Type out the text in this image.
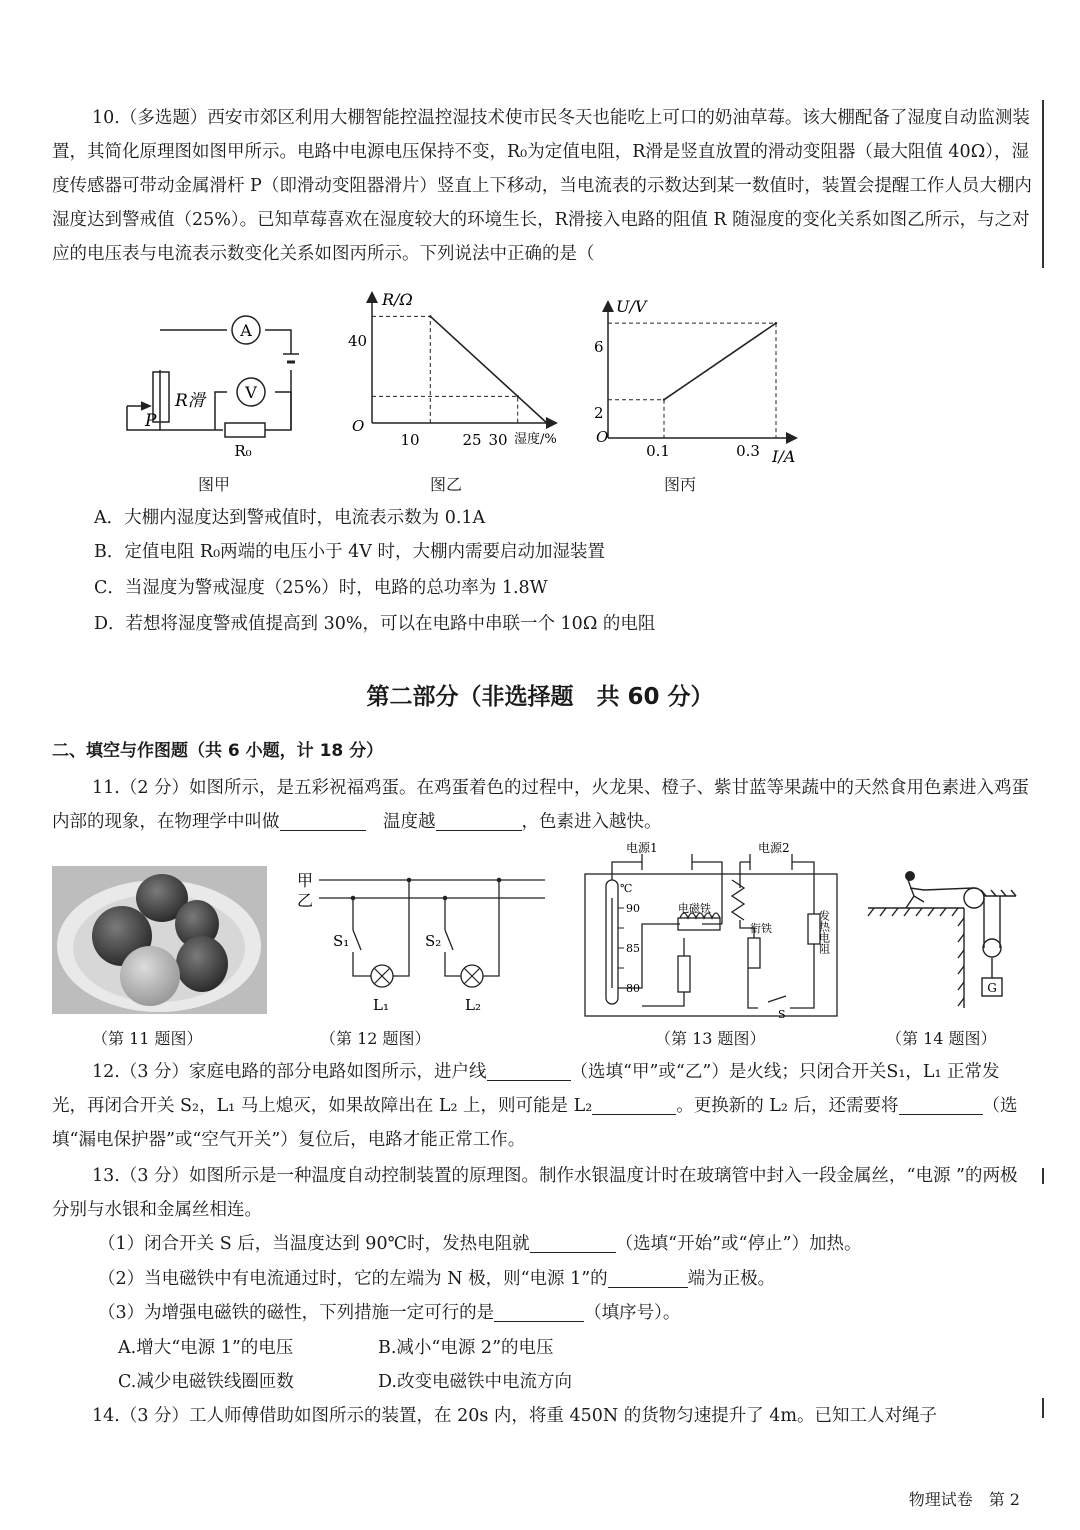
10.（多选题）西安市郊区利用大棚智能控温控湿技术使市民冬天也能吃上可口的奶油草莓。该大棚配备了湿度自动监测装置，其简化原理图如图甲所示。电路中电源电压保持不变，R₀为定值电阻，R滑是竖直放置的滑动变阻器（最大阻值 40Ω），湿度传感器可带动金属滑杆 P（即滑动变阻器滑片）竖直上下移动，当电流表的示数达到某一数值时，装置会提醒工作人员大棚内湿度达到警戒值（25%）。已知草莓喜欢在湿度较大的环境生长，R滑接入电路的阻值 R 随湿度的变化关系如图乙所示，与之对应的电压表与电流表示数变化关系如图丙所示。下列说法中正确的是（
A
V
R滑
P
R₀
图甲
R/Ω
40
O
10	25 30 湿度/%
图乙
U/V
6
2
O
0.1	0.3 I/A
图丙
A．大棚内湿度达到警戒值时，电流表示数为 0.1A
B．定值电阻 R₀两端的电压小于 4V 时，大棚内需要启动加湿装置
C．当湿度为警戒湿度（25%）时，电路的总功率为 1.8W
D．若想将湿度警戒值提高到 30%，可以在电路中串联一个 10Ω 的电阻
第二部分（非选择题　共 60 分）
二、填空与作图题（共 6 小题，计 18 分）
11.（2 分）如图所示，是五彩祝福鸡蛋。在鸡蛋着色的过程中，火龙果、橙子、紫甘蓝等果蔬中的天然食用色素进入鸡蛋内部的现象，在物理学中叫做　	温度越	，色素进入越快。
（第 11 题图）
甲
乙
S₁	S₂
L₁	L₂
（第 12 题图）
电源1	电源2
℃
90
85
80
电磁铁
衔铁	发热电阻
S
（第 13 题图）
G
（第 14 题图）
12.（3 分）家庭电路的部分电路如图所示，进户线	（选填“甲”或“乙”）是火线；只闭合开关S₁，L₁ 正常发光，再闭合开关 S₂，L₁ 马上熄灭，如果故障出在 L₂ 上，则可能是 L₂	。更换新的 L₂ 后，还需要将	（选填“漏电保护器”或“空气开关”）复位后，电路才能正常工作。
13.（3 分）如图所示是一种温度自动控制装置的原理图。制作水银温度计时在玻璃管中封入一段金属丝，“电源 ”的两极分别与水银和金属丝相连。
（1）闭合开关 S 后，当温度达到 90℃时，发热电阻就	（选填“开始”或“停止”）加热。
（2）当电磁铁中有电流通过时，它的左端为 N 极，则“电源 1”的	端为正极。
（3）为增强电磁铁的磁性，下列措施一定可行的是	（填序号）。
A.增大“电源 1”的电压	B.减小“电源 2”的电压
C.减少电磁铁线圈匝数	D.改变电磁铁中电流方向
14.（3 分）工人师傅借助如图所示的装置，在 20s 内，将重 450N 的货物匀速提升了 4m。已知工人对绳子
物理试卷　 第 2
